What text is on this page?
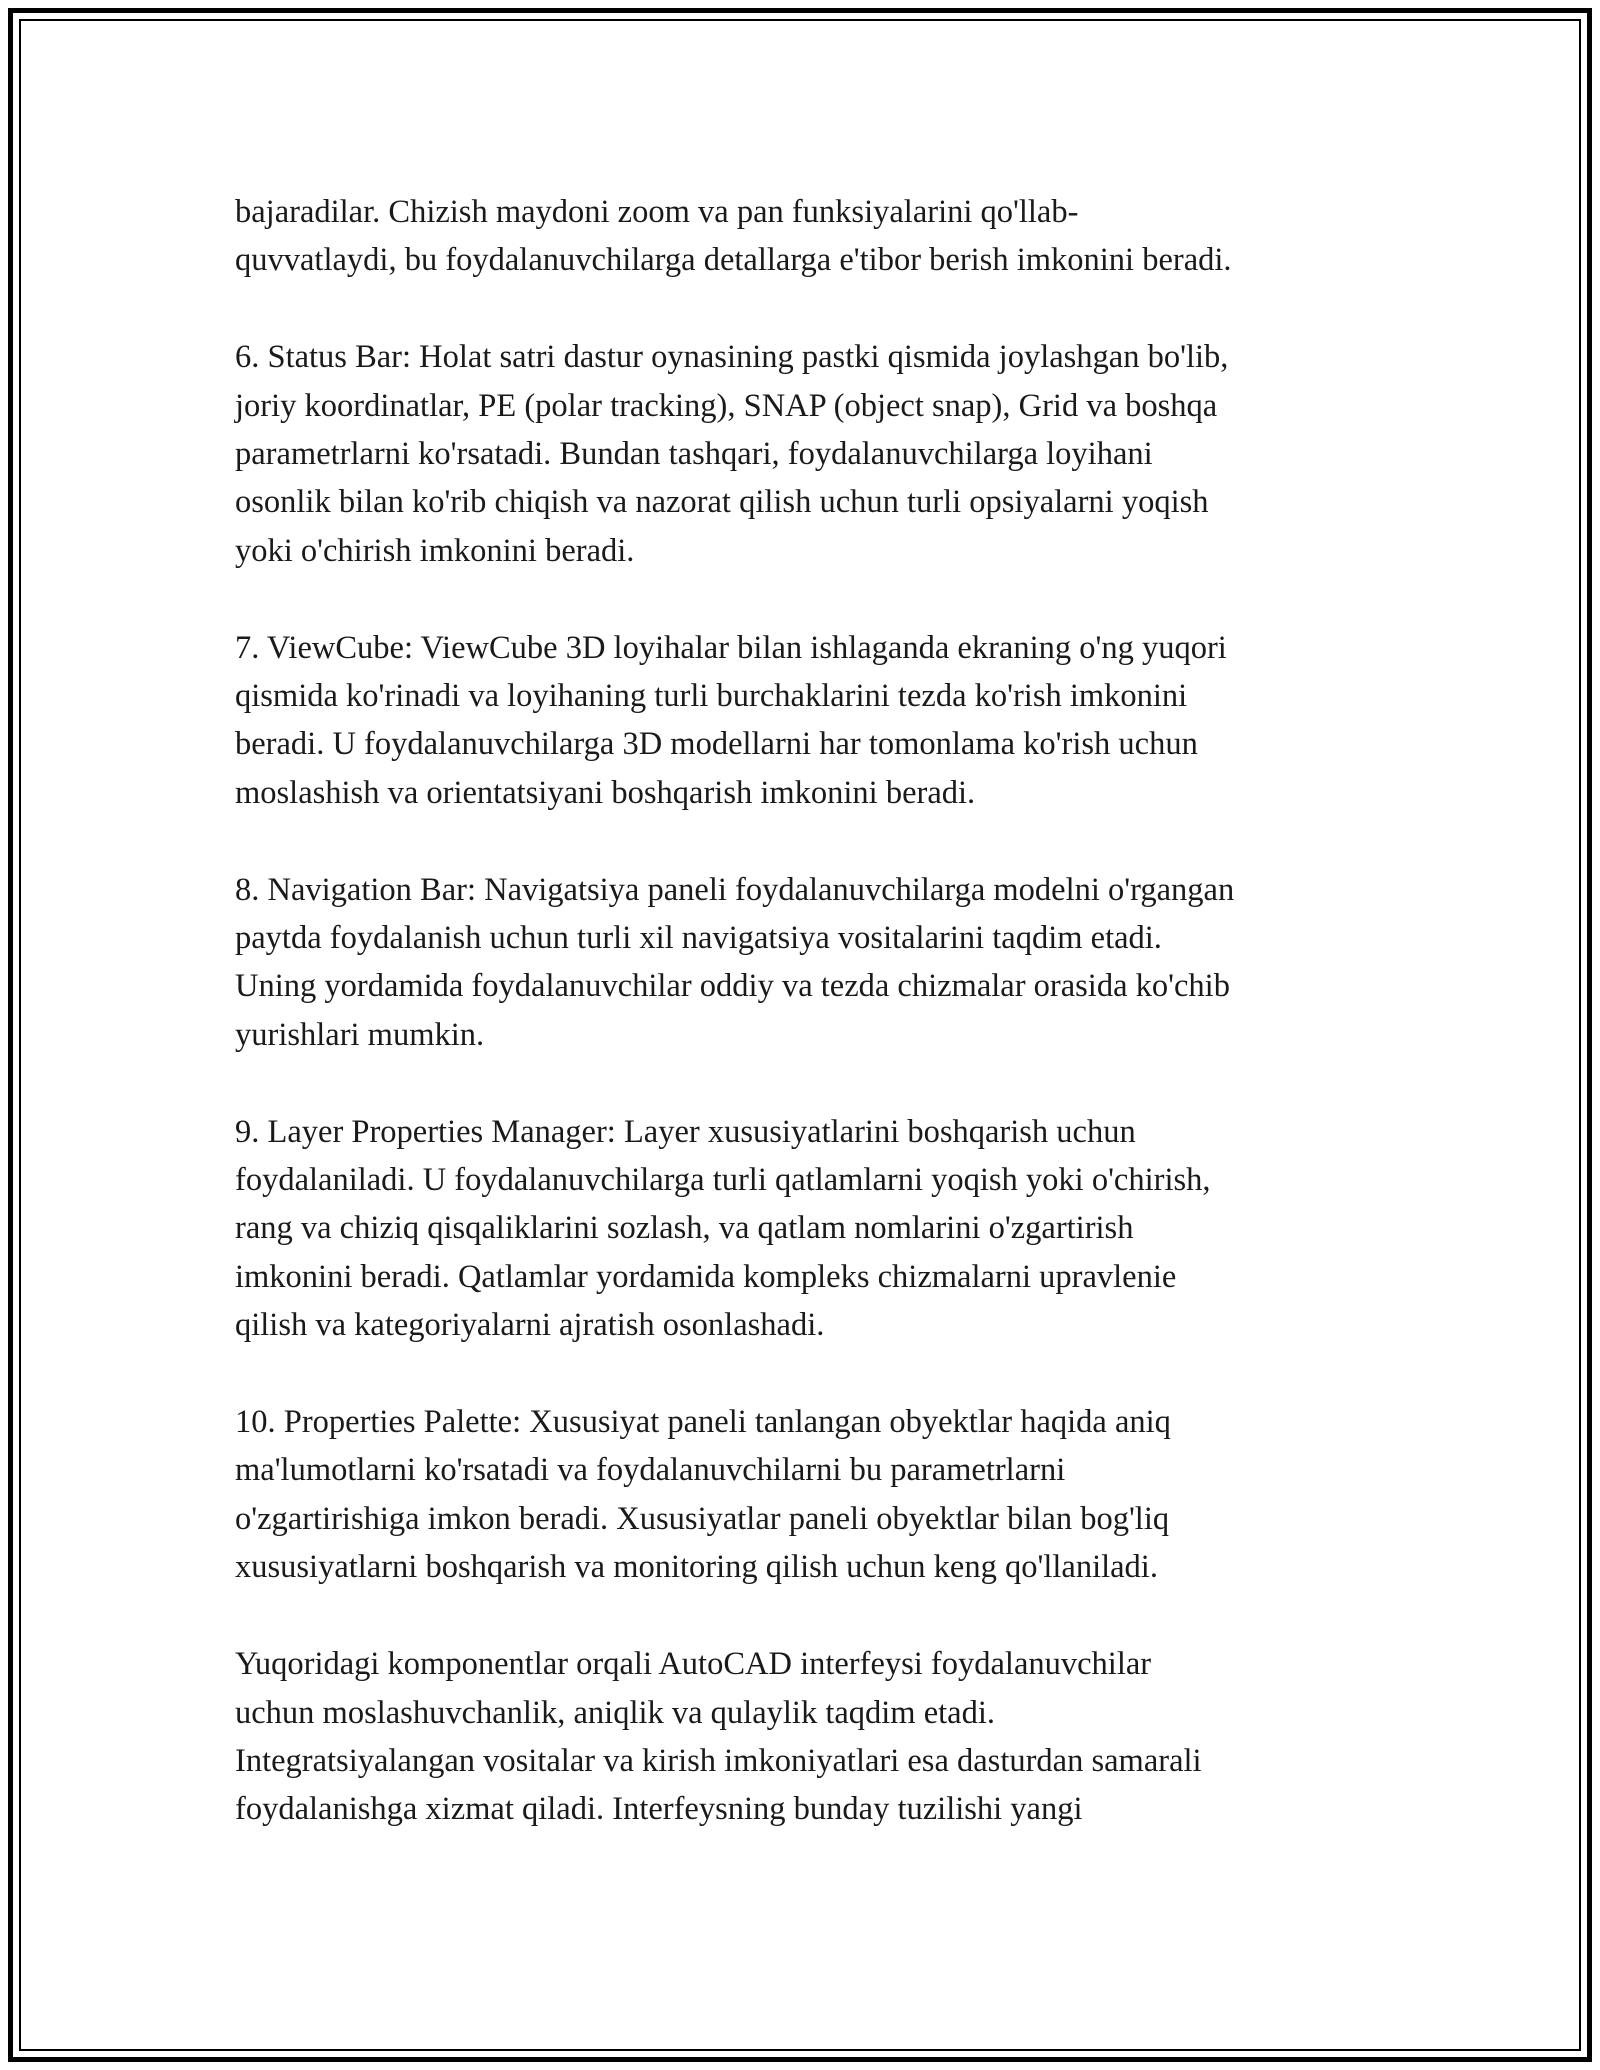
bajaradilar. Chizish maydoni zoom va pan funksiyalarini qo'llab-
quvvatlaydi, bu foydalanuvchilarga detallarga e'tibor berish imkonini beradi.

6. Status Bar: Holat satri dastur oynasining pastki qismida joylashgan bo'lib,
joriy koordinatlar, PE (polar tracking), SNAP (object snap), Grid va boshqa
parametrlarni ko'rsatadi. Bundan tashqari, foydalanuvchilarga loyihani
osonlik bilan ko'rib chiqish va nazorat qilish uchun turli opsiyalarni yoqish
yoki o'chirish imkonini beradi.

7. ViewCube: ViewCube 3D loyihalar bilan ishlaganda ekraning o'ng yuqori
qismida ko'rinadi va loyihaning turli burchaklarini tezda ko'rish imkonini
beradi. U foydalanuvchilarga 3D modellarni har tomonlama ko'rish uchun
moslashish va orientatsiyani boshqarish imkonini beradi.

8. Navigation Bar: Navigatsiya paneli foydalanuvchilarga modelni o'rgangan
paytda foydalanish uchun turli xil navigatsiya vositalarini taqdim etadi.
Uning yordamida foydalanuvchilar oddiy va tezda chizmalar orasida ko'chib
yurishlari mumkin.

9. Layer Properties Manager: Layer xususiyatlarini boshqarish uchun
foydalaniladi. U foydalanuvchilarga turli qatlamlarni yoqish yoki o'chirish,
rang va chiziq qisqaliklarini sozlash, va qatlam nomlarini o'zgartirish
imkonini beradi. Qatlamlar yordamida kompleks chizmalarni upravlenie
qilish va kategoriyalarni ajratish osonlashadi.

10. Properties Palette: Xususiyat paneli tanlangan obyektlar haqida aniq
ma'lumotlarni ko'rsatadi va foydalanuvchilarni bu parametrlarni
o'zgartirishiga imkon beradi. Xususiyatlar paneli obyektlar bilan bog'liq
xususiyatlarni boshqarish va monitoring qilish uchun keng qo'llaniladi.

Yuqoridagi komponentlar orqali AutoCAD interfeysi foydalanuvchilar
uchun moslashuvchanlik, aniqlik va qulaylik taqdim etadi.
Integratsiyalangan vositalar va kirish imkoniyatlari esa dasturdan samarali
foydalanishga xizmat qiladi. Interfeysning bunday tuzilishi yangi
